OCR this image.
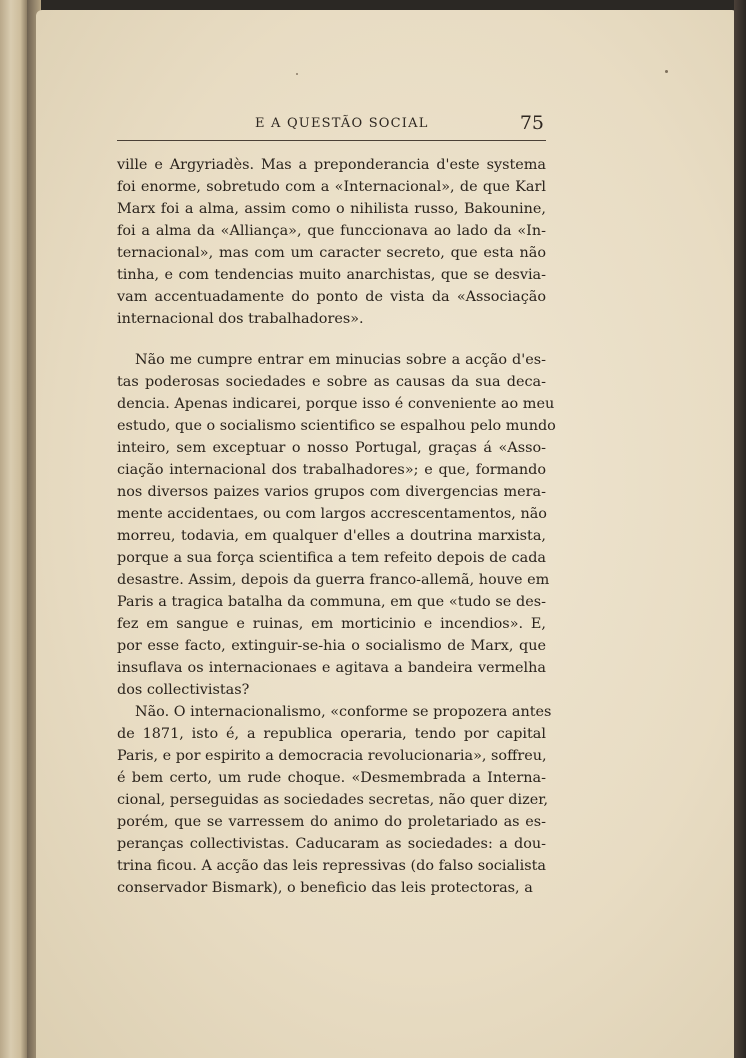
E A QUESTÃO SOCIAL	75
ville e Argyriadès. Mas a preponderancia d'este systema
foi enorme, sobretudo com a «Internacional», de que Karl
Marx foi a alma, assim como o nihilista russo, Bakounine,
foi a alma da «Alliança», que funccionava ao lado da «In-
ternacional», mas com um caracter secreto, que esta não
tinha, e com tendencias muito anarchistas, que se desvia-
vam accentuadamente do ponto de vista da «Associação
internacional dos trabalhadores».
Não me cumpre entrar em minucias sobre a acção d'es-
tas poderosas sociedades e sobre as causas da sua deca-
dencia. Apenas indicarei, porque isso é conveniente ao meu
estudo, que o socialismo scientifico se espalhou pelo mundo
inteiro, sem exceptuar o nosso Portugal, graças á «Asso-
ciação internacional dos trabalhadores»; e que, formando
nos diversos paizes varios grupos com divergencias mera-
mente accidentaes, ou com largos accrescentamentos, não
morreu, todavia, em qualquer d'elles a doutrina marxista,
porque a sua força scientifica a tem refeito depois de cada
desastre. Assim, depois da guerra franco-allemã, houve em
Paris a tragica batalha da communa, em que «tudo se des-
fez em sangue e ruinas, em morticinio e incendios». E,
por esse facto, extinguir-se-hia o socialismo de Marx, que
insuflava os internacionaes e agitava a bandeira vermelha
dos collectivistas?
Não. O internacionalismo, «conforme se propozera antes
de 1871, isto é, a republica operaria, tendo por capital
Paris, e por espirito a democracia revolucionaria», soffreu,
é bem certo, um rude choque. «Desmembrada a Interna-
cional, perseguidas as sociedades secretas, não quer dizer,
porém, que se varressem do animo do proletariado as es-
peranças collectivistas. Caducaram as sociedades: a dou-
trina ficou. A acção das leis repressivas (do falso socialista
conservador Bismark), o beneficio das leis protectoras, a
